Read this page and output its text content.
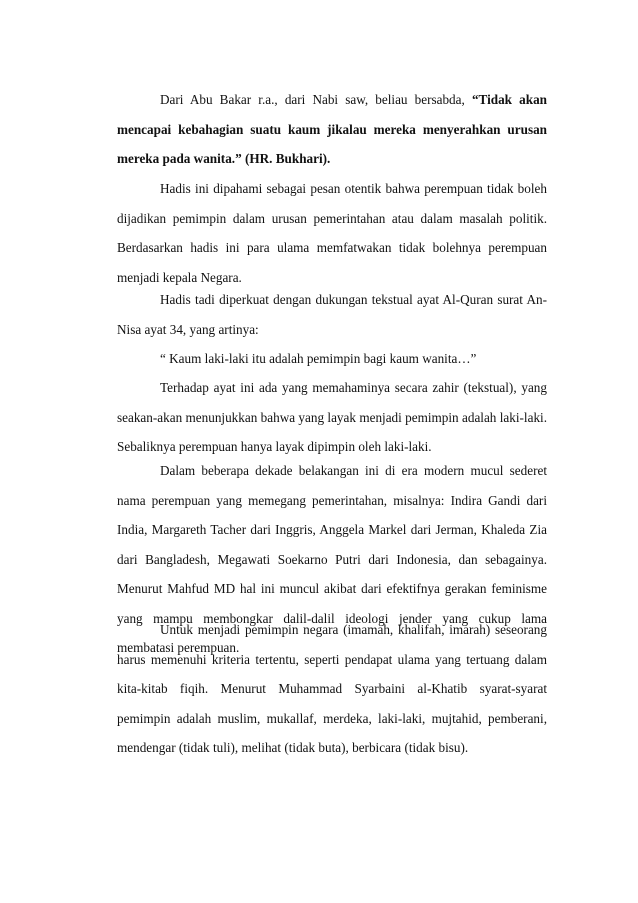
Dari Abu Bakar r.a., dari Nabi saw, beliau bersabda, “Tidak akan mencapai kebahagian suatu kaum jikalau mereka menyerahkan urusan mereka pada wanita.” (HR. Bukhari).

Hadis ini dipahami sebagai pesan otentik bahwa perempuan tidak boleh dijadikan pemimpin dalam urusan pemerintahan atau dalam masalah politik. Berdasarkan hadis ini para ulama memfatwakan tidak bolehnya perempuan menjadi kepala Negara.

Hadis tadi diperkuat dengan dukungan tekstual ayat Al-Quran surat An-Nisa ayat 34, yang artinya:

“ Kaum laki-laki itu adalah pemimpin bagi kaum wanita…”

Terhadap ayat ini ada yang memahaminya secara zahir (tekstual), yang seakan-akan menunjukkan bahwa yang layak menjadi pemimpin adalah laki-laki. Sebaliknya perempuan hanya layak dipimpin oleh laki-laki.

Dalam beberapa dekade belakangan ini di era modern mucul sederet nama perempuan yang memegang pemerintahan, misalnya: Indira Gandi dari India, Margareth Tacher dari Inggris, Anggela Markel dari Jerman, Khaleda Zia dari Bangladesh, Megawati Soekarno Putri dari Indonesia, dan sebagainya. Menurut Mahfud MD hal ini muncul akibat dari efektifnya gerakan feminisme yang mampu membongkar dalil-dalil ideologi jender yang cukup lama membatasi perempuan.

Untuk menjadi pemimpin negara (imamah, khalifah, imarah) seseorang harus memenuhi kriteria tertentu, seperti pendapat ulama yang tertuang dalam kita-kitab fiqih. Menurut Muhammad Syarbaini al-Khatib syarat-syarat pemimpin adalah muslim, mukallaf, merdeka, laki-laki, mujtahid, pemberani, mendengar (tidak tuli), melihat (tidak buta), berbicara (tidak bisu).
